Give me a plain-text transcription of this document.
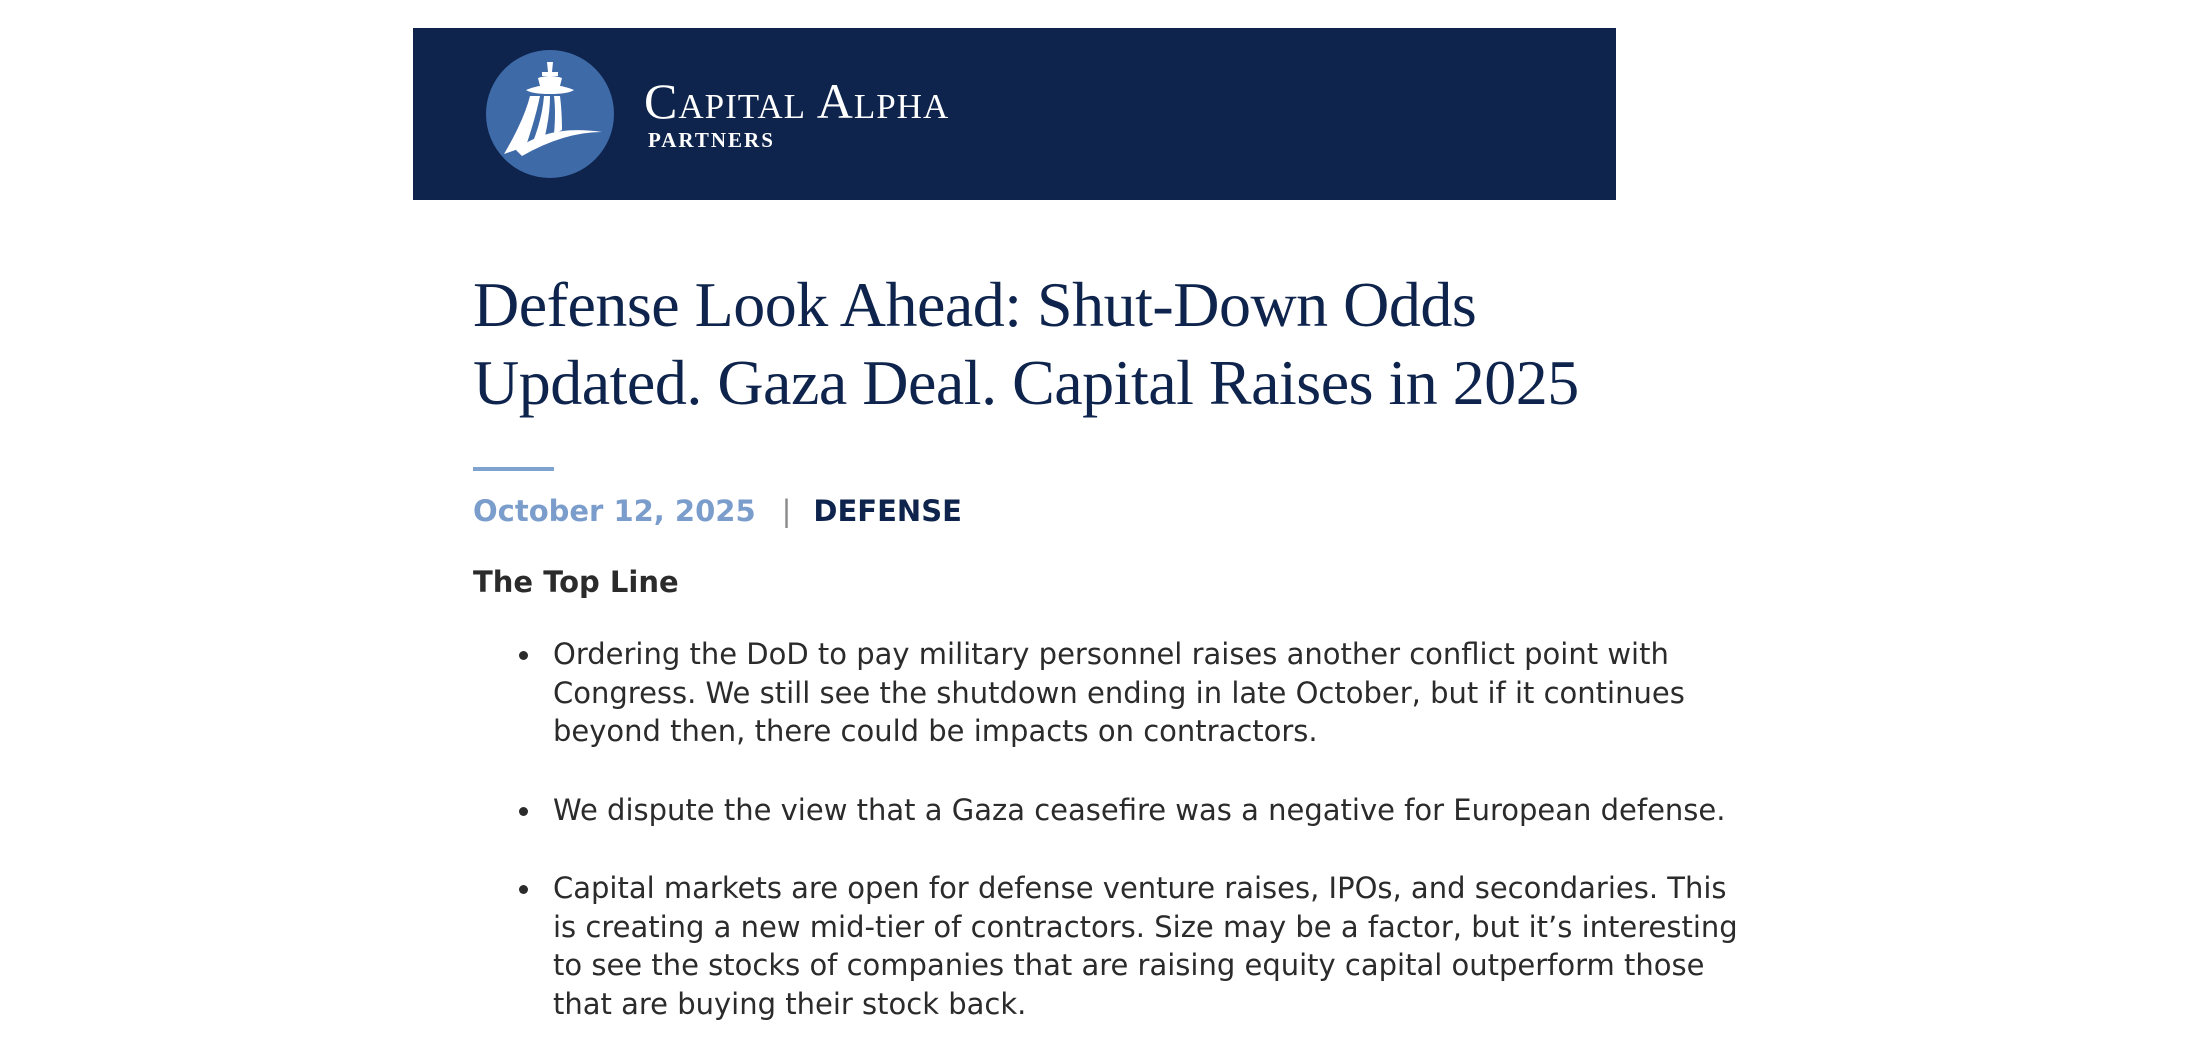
Capital Alpha
PARTNERS
Defense Look Ahead: Shut-Down Odds
Updated. Gaza Deal. Capital Raises in 2025
October 12, 2025 | DEFENSE
The Top Line
Ordering the DoD to pay military personnel raises another conflict point with
Congress. We still see the shutdown ending in late October, but if it continues
beyond then, there could be impacts on contractors.
We dispute the view that a Gaza ceasefire was a negative for European defense.
Capital markets are open for defense venture raises, IPOs, and secondaries. This
is creating a new mid-tier of contractors. Size may be a factor, but it’s interesting
to see the stocks of companies that are raising equity capital outperform those
that are buying their stock back.
